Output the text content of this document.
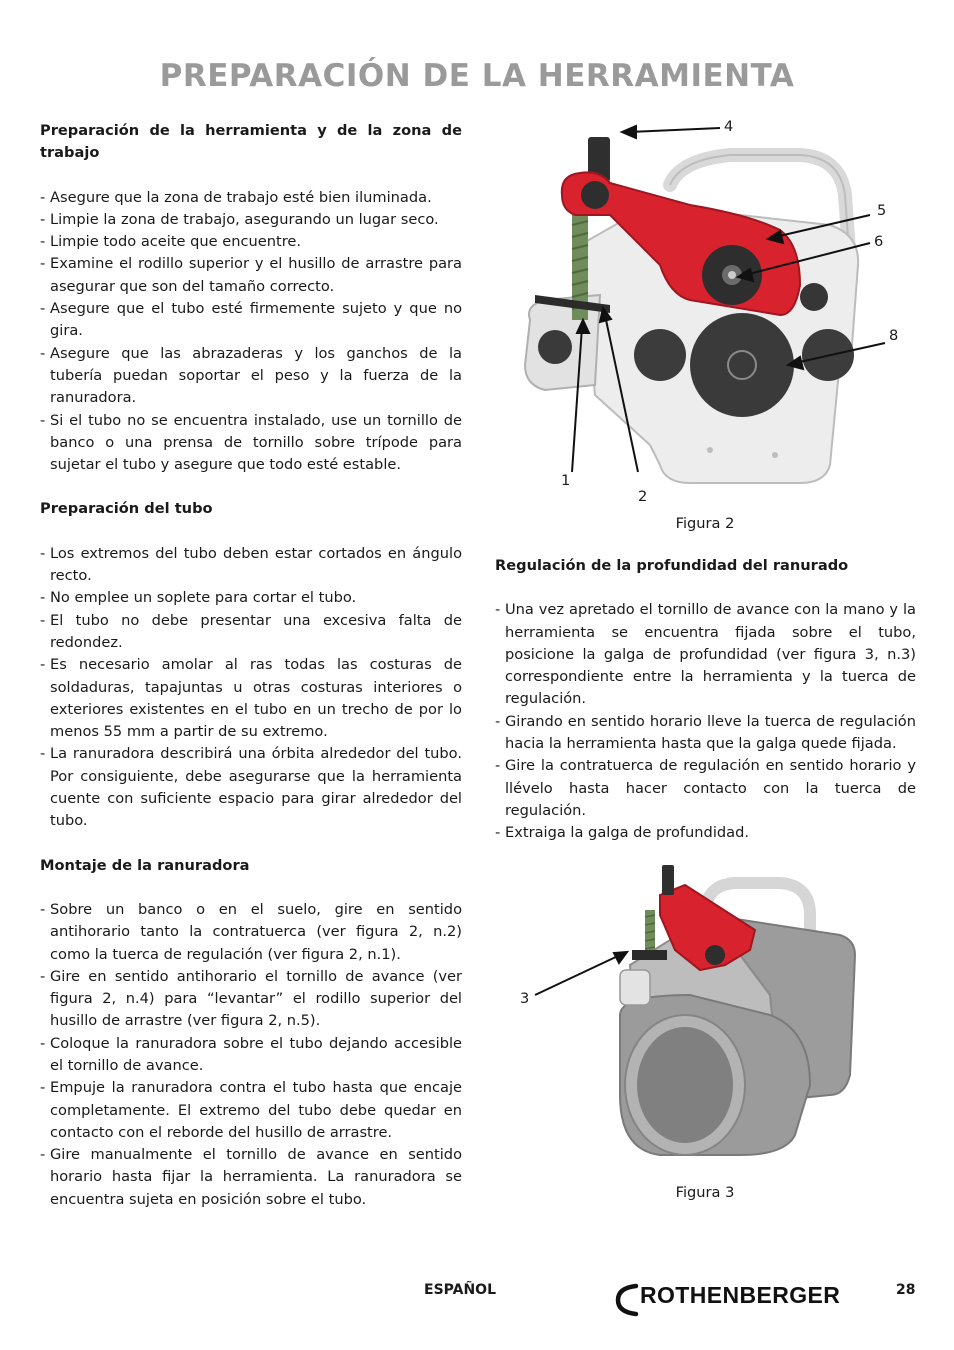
PREPARACIÓN DE LA HERRAMIENTA

Preparación de la herramienta y de la zona de trabajo

- Asegure que la zona de trabajo esté bien iluminada.
- Limpie la zona de trabajo, asegurando un lugar seco.
- Limpie todo aceite que encuentre.
- Examine el rodillo superior y el husillo de arrastre para asegurar que son del tamaño correcto.
- Asegure que el tubo esté firmemente sujeto y que no gira.
- Asegure que las abrazaderas y los ganchos de la tubería puedan soportar el peso y la fuerza de la ranuradora.
- Si el tubo no se encuentra instalado, use un tornillo de banco o una prensa de tornillo sobre trípode para sujetar el tubo y asegure que todo esté estable.

Preparación del tubo

- Los extremos del tubo deben estar cortados en ángulo recto.
- No emplee un soplete para cortar el tubo.
- El tubo no debe presentar una excesiva falta de redondez.
- Es necesario amolar al ras todas las costuras de soldaduras, tapajuntas u otras costuras interiores o exteriores existentes en el tubo en un trecho de por lo menos 55 mm a partir de su extremo.
- La ranuradora describirá una órbita alrededor del tubo. Por consiguiente, debe asegurarse que la herramienta cuente con suficiente espacio para girar alrededor del tubo.

Montaje de la ranuradora

- Sobre un banco o en el suelo, gire en sentido antihorario tanto la contratuerca (ver figura 2, n.2) como la tuerca de regulación (ver figura 2, n.1).
- Gire en sentido antihorario el tornillo de avance (ver figura 2, n.4) para “levantar” el rodillo superior del husillo de arrastre (ver figura 2, n.5).
- Coloque la ranuradora sobre el tubo dejando accesible el tornillo de avance.
- Empuje la ranuradora contra el tubo hasta que encaje completamente. El extremo del tubo debe quedar en contacto con el reborde del husillo de arrastre.
- Gire manualmente el tornillo de avance en sentido horario hasta fijar la herramienta. La ranuradora se encuentra sujeta en posición sobre el tubo.
4
5
6
8
1
2
Figura 2

Regulación de la profundidad del ranurado

- Una vez apretado el tornillo de avance con la mano y la herramienta se encuentra fijada sobre el tubo, posicione la galga de profundidad (ver figura 3, n.3) correspondiente entre la herramienta y la tuerca de regulación.
- Girando en sentido horario lleve la tuerca de regulación hacia la herramienta hasta que la galga quede fijada.
- Gire la contratuerca de regulación en sentido horario y llévelo hasta hacer contacto con la tuerca de regulación.
- Extraiga la galga de profundidad.
3
Figura 3
ESPAÑOL	ROTHENBERGER	28
